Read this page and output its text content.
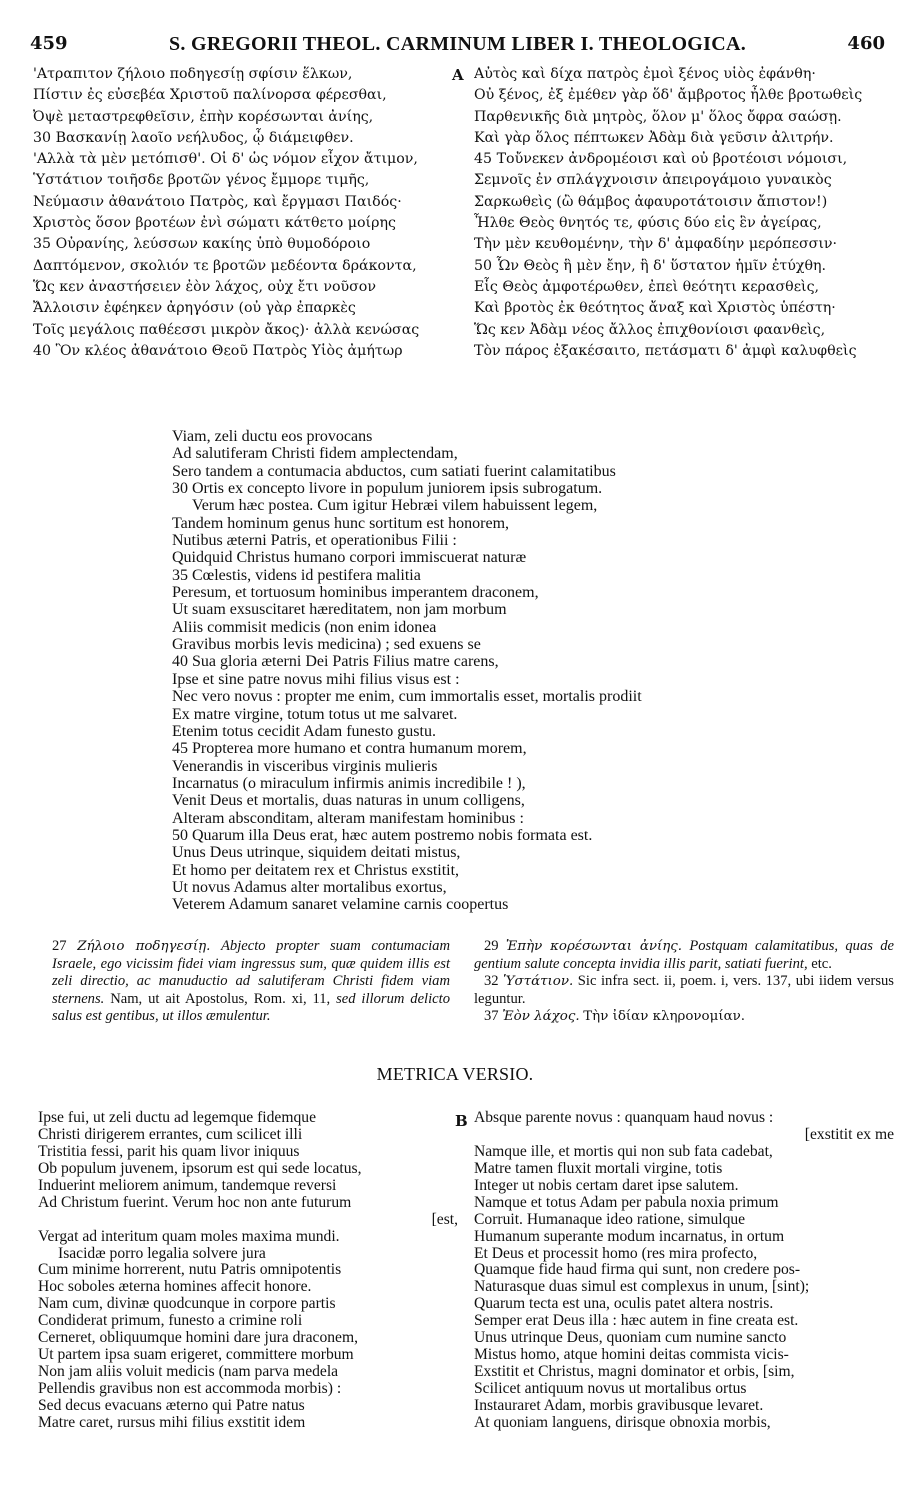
459	S. GREGORII THEOL. CARMINUM LIBER I. THEOLOGICA.	460
'Ατραπιτον ζήλοιο ποδηγεσίῃ σφίσιν ἕλκων,
Πίστιν ἐς εὐσεβέα Χριστοῦ παλίνορσα φέρεσθαι,
Ὀψὲ μεταστρεφθεῖσιν, ἐπὴν κορέσωνται ἀνίης,
30 Βασκανίῃ λαοῖο νεήλυδος, ᾧ διάμειφθεν.
'Αλλὰ τὰ μὲν μετόπισθ'. Οἱ δ' ὡς νόμον εἶχον ἄτιμον,
Ὑστάτιον τοιῆσδε βροτῶν γένος ἔμμορε τιμῆς,
Νεύμασιν ἀθανάτοιο Πατρὸς, καὶ ἔργμασι Παιδός·
Χριστὸς ὅσον βροτέων ἐνὶ σώματι κάτθετο μοίρης
35 Οὐρανίης, λεύσσων κακίης ὑπὸ θυμοδόροιο
Δαπτόμενον, σκολιόν τε βροτῶν μεδέοντα δράκοντα,
Ὥς κεν ἀναστήσειεν ἐὸν λάχος, οὐχ ἔτι νοῦσον
Ἄλλοισιν ἐφέηκεν ἀρηγόσιν (οὐ γὰρ ἐπαρκὲς
Τοῖς μεγάλοις παθέεσσι μικρὸν ἄκος)· ἀλλὰ κενώσας
40 Ὃν κλέος ἀθανάτοιο Θεοῦ Πατρὸς Υἱὸς ἀμήτωρ
A Αὐτὸς καὶ δίχα πατρὸς ἐμοὶ ξένος υἱὸς ἐφάνθη·
Οὐ ξένος, ἐξ ἐμέθεν γὰρ ὅδ' ἄμβροτος ἦλθε βροτωθεὶς
Παρθενικῆς διὰ μητρὸς, ὅλον μ' ὅλος ὄφρα σαώσῃ.
Καὶ γὰρ ὅλος πέπτωκεν Ἀδὰμ διὰ γεῦσιν ἀλιτρήν.
45 Τοὔνεκεν ἀνδρομέοισι καὶ οὐ βροτέοισι νόμοισι,
Σεμνοῖς ἐν σπλάγχνοισιν ἀπειρογάμοιο γυναικὸς
Σαρκωθεὶς (ὢ θάμβος ἀφαυροτάτοισιν ἄπιστον!)
Ἦλθε Θεὸς θνητός τε, φύσις δύο εἰς ἓν ἀγείρας,
Τὴν μὲν κευθομένην, τὴν δ' ἀμφαδίην μερόπεσσιν·
50 Ὧν Θεὸς ἣ μὲν ἔην, ἣ δ' ὕστατον ἡμῖν ἐτύχθη.
Εἷς Θεὸς ἀμφοτέρωθεν, ἐπεὶ θεότητι κερασθεὶς,
Καὶ βροτὸς ἐκ θεότητος ἄναξ καὶ Χριστὸς ὑπέστη·
Ὥς κεν Ἀδὰμ νέος ἄλλος ἐπιχθονίοισι φαανθεὶς,
Τὸν πάρος ἐξακέσαιτο, πετάσματι δ' ἀμφὶ καλυφθεὶς
Viam, zeli ductu eos provocans
Ad salutiferam Christi fidem amplectendam,
Sero tandem a contumacia abductos, cum satiati fuerint calamitatibus
30 Ortis ex concepto livore in populum juniorem ipsis subrogatum.
Verum hæc postea. Cum igitur Hebræi vilem habuissent legem,
Tandem hominum genus hunc sortitum est honorem,
Nutibus æterni Patris, et operationibus Filii :
Quidquid Christus humano corpori immiscuerat naturæ
35 Cœlestis, videns id pestifera malitia
Peresum, et tortuosum hominibus imperantem draconem,
Ut suam exsuscitaret hæreditatem, non jam morbum
Aliis commisit medicis (non enim idonea
Gravibus morbis levis medicina) ; sed exuens se
40 Sua gloria æterni Dei Patris Filius matre carens,
Ipse et sine patre novus mihi filius visus est :
Nec vero novus : propter me enim, cum immortalis esset, mortalis prodiit
Ex matre virgine, totum totus ut me salvaret.
Etenim totus cecidit Adam funesto gustu.
45 Propterea more humano et contra humanum morem,
Venerandis in visceribus virginis mulieris
Incarnatus (o miraculum infirmis animis incredibile ! ),
Venit Deus et mortalis, duas naturas in unum colligens,
Alteram absconditam, alteram manifestam hominibus :
50 Quarum illa Deus erat, hæc autem postremo nobis formata est.
Unus Deus utrinque, siquidem deitati mistus,
Et homo per deitatem rex et Christus exstitit,
Ut novus Adamus alter mortalibus exortus,
Veterem Adamum sanaret velamine carnis coopertus

27 Ζήλοιο ποδηγεσίῃ. Abjecto propter suam contumaciam Israele, ego vicissim fidei viam ingressus sum, quæ quidem illis est zeli directio, ac manuductio ad salutiferam Christi fidem viam sternens. Nam, ut ait Apostolus, Rom. xi, 11, sed illorum delicto salus est gentibus, ut illos æmulentur.

29 Ἐπὴν κορέσωνται ἀνίης. Postquam calamitatibus, quas de gentium salute concepta invidia illis parit, satiati fuerint, etc.

32 Ὑστάτιον. Sic infra sect. ii, poem. i, vers. 137, ubi iidem versus leguntur.

37 Ἐὸν λάχος. Τὴν ἰδίαν κληρονομίαν.

METRICA VERSIO.
Ipse fui, ut zeli ductu ad legemque fidemque
Christi dirigerem errantes, cum scilicet illi
Tristitia fessi, parit his quam livor iniquus
Ob populum juvenem, ipsorum est qui sede locatus,
Induerint meliorem animum, tandemque reversi
Ad Christum fuerint. Verum hoc non ante futurum
[est,
Vergat ad interitum quam moles maxima mundi.
Isacidæ porro legalia solvere jura
Cum minime horrerent, nutu Patris omnipotentis
Hoc soboles æterna homines affecit honore.
Nam cum, divinæ quodcunque in corpore partis
Condiderat primum, funesto a crimine roli
Cerneret, obliquumque homini dare jura draconem,
Ut partem ipsa suam erigeret, committere morbum
Non jam aliis voluit medicis (nam parva medela
Pellendis gravibus non est accommoda morbis) :
Sed decus evacuans æterno qui Patre natus
Matre caret, rursus mihi filius exstitit idem
B Absque parente novus : quanquam haud novus :
[exstitit ex me
Namque ille, et mortis qui non sub fata cadebat,
Matre tamen fluxit mortali virgine, totis
Integer ut nobis certam daret ipse salutem.
Namque et totus Adam per pabula noxia primum
Corruit. Humanaque ideo ratione, simulque
Humanum superante modum incarnatus, in ortum
Et Deus et processit homo (res mira profecto,
Quamque fide haud firma qui sunt, non credere pos-
Naturasque duas simul est complexus in unum, [sint);
Quarum tecta est una, oculis patet altera nostris.
Semper erat Deus illa : hæc autem in fine creata est.
Unus utrinque Deus, quoniam cum numine sancto
Mistus homo, atque homini deitas commista vicis-
Exstitit et Christus, magni dominator et orbis, [sim,
Scilicet antiquum novus ut mortalibus ortus
Instauraret Adam, morbis gravibusque levaret.
At quoniam languens, dirisque obnoxia morbis,
